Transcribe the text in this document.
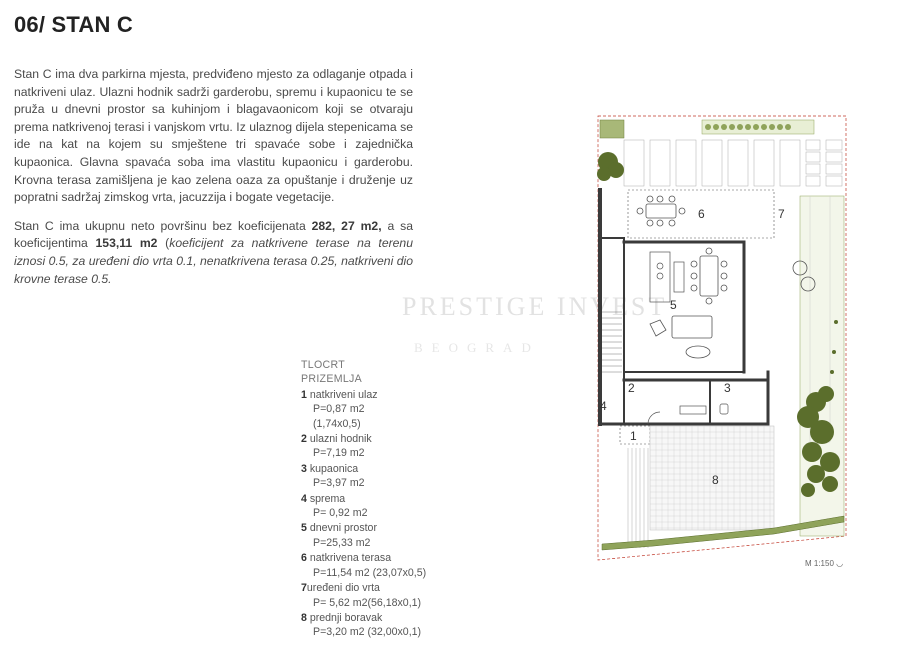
06/ STAN C

Stan C ima dva parkirna mjesta, predviđeno mjesto za odlaganje otpada i natkriveni ulaz. Ulazni hodnik sadrži garderobu, spremu i kupaonicu te se pruža u dnevni prostor sa kuhinjom i blagavaonicom koji se otvaraju prema natkrivenoj terasi i vanjskom vrtu. Iz ulaznog dijela stepenicama se ide na kat na kojem su smještene tri spavaće sobe i zajednička kupaonica. Glavna spavaća soba ima vlastitu kupaonicu i garderobu. Krovna terasa zamišljena je kao zelena oaza za opuštanje i druženje uz popratni sadržaj zimskog vrta, jacuzzija i bogate vegetacije.

Stan C ima ukupnu neto površinu bez koeficijenata 282, 27 m2, a sa koeficijentima 153,11 m2 (koeficijent za natkrivene terase na terenu iznosi 0.5, za uređeni dio vrta 0.1, nenatkrivena terasa 0.25, natkriveni dio krovne terase 0.5.

PRESTIGE INVEST
BEOGRAD
TLOCRT
PRIZEMLJA
1 natkriveni ulaz
P=0,87 m2
(1,74x0,5)
2 ulazni hodnik
P=7,19 m2
3 kupaonica
P=3,97 m2
4 sprema
P= 0,92 m2
5 dnevni prostor
P=25,33 m2
6 natkrivena terasa
P=11,54 m2 (23,07x0,5)
7uređeni dio vrta
P= 5,62 m2(56,18x0,1)
8 prednji boravak
P=3,20 m2 (32,00x0,1)
6	7
5
2	3
4
1
8
M 1:150 ◡
